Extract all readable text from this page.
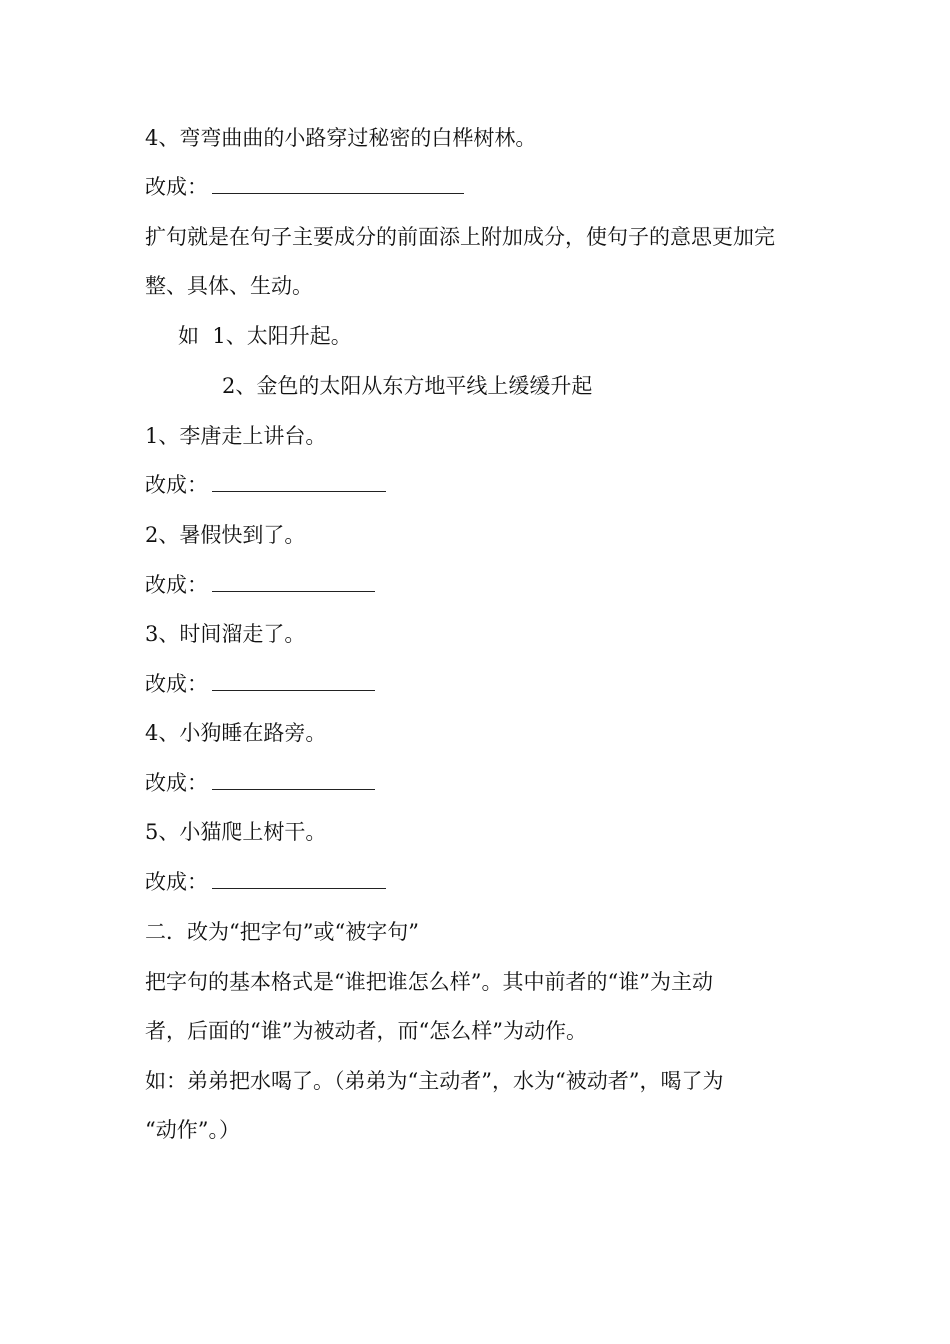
4、弯弯曲曲的小路穿过秘密的白桦树林。
改成：
扩句就是在句子主要成分的前面添上附加成分，使句子的意思更加完
整、具体、生动。
如  1、太阳升起。
2、金色的太阳从东方地平线上缓缓升起
1、李唐走上讲台。
改成：
2、暑假快到了。
改成：
3、时间溜走了。
改成：
4、小狗睡在路旁。
改成：
5、小猫爬上树干。
改成：
二．改为“把字句”或“被字句”
把字句的基本格式是“谁把谁怎么样”。其中前者的“谁”为主动
者，后面的“谁”为被动者，而“怎么样”为动作。
如：弟弟把水喝了。（弟弟为“主动者”，水为“被动者”，喝了为
“动作”。）
